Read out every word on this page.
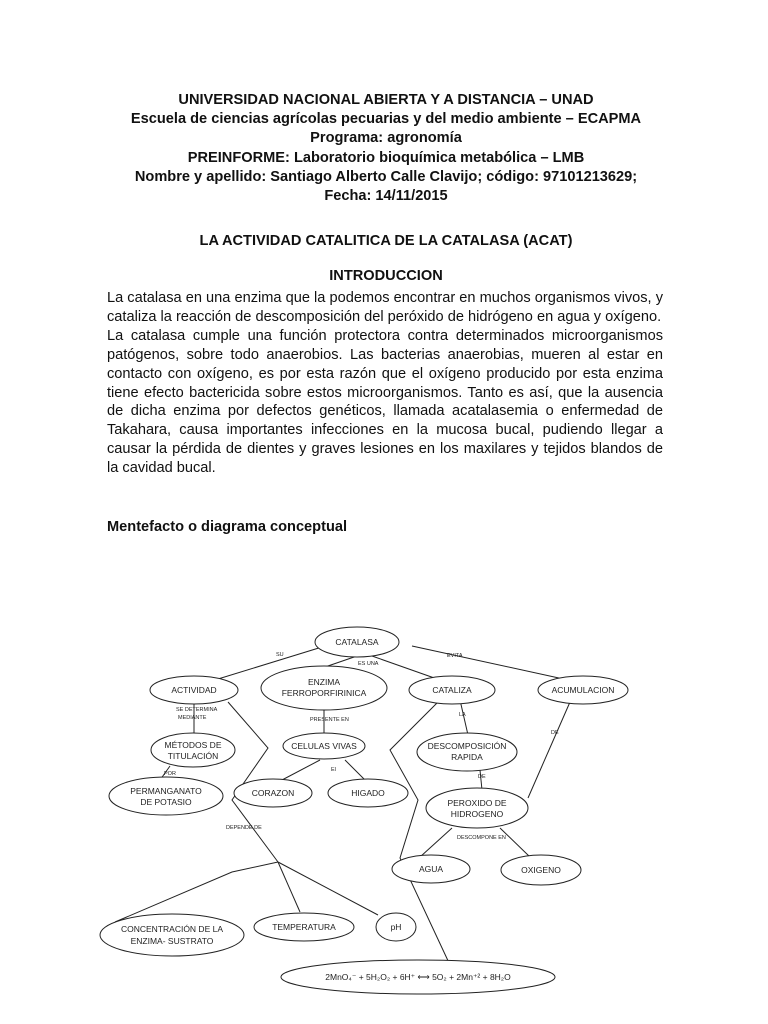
UNIVERSIDAD NACIONAL ABIERTA Y A DISTANCIA – UNAD
Escuela de ciencias agrícolas pecuarias y del medio ambiente – ECAPMA
Programa: agronomía
PREINFORME: Laboratorio bioquímica metabólica – LMB
Nombre y apellido: Santiago Alberto Calle Clavijo; código: 97101213629;
Fecha: 14/11/2015
LA ACTIVIDAD CATALITICA DE LA CATALASA (ACAT)
INTRODUCCION

La catalasa en una enzima que la podemos encontrar en muchos organismos vivos, y cataliza la reacción de descomposición del peróxido de hidrógeno en agua y oxígeno.

La catalasa cumple una función protectora contra determinados microorganismos patógenos, sobre todo anaerobios. Las bacterias anaerobias, mueren al estar en contacto con oxígeno, es por esta razón que el oxígeno producido por esta enzima tiene efecto bactericida sobre estos microorganismos. Tanto es así, que la ausencia de dicha enzima por defectos genéticos, llamada acatalasemia o enfermedad de Takahara, causa importantes infecciones en la mucosa bucal, pudiendo llegar a causar la pérdida de dientes y graves lesiones en los maxilares y tejidos blandos de la cavidad bucal.

Mentefacto o diagrama conceptual
CATALASA
ACTIVIDAD
ENZIMA
FERROPORFIRINICA	CATALIZA	ACUMULACION
MÉTODOS DE
TITULACIÓN
CELULAS VIVAS	DESCOMPOSICIÓN
RAPIDA
PERMANGANATO
DE POTASIO
CORAZON	HIGADO
PEROXIDO DE
HIDROGENO
AGUA	OXIGENO
CONCENTRACIÓN DE LA
ENZIMA- SUSTRATO
TEMPERATURA	pH
2MnO₄⁻ + 5H₂O₂ + 6H⁺ ⟷ 5O₂ + 2Mn⁺² + 8H₂O
SU
ES UNA
EVITA
SE DETERMINA
MEDIANTE	PRESENTE EN
LA
DE
POR
El
DE
DEPENDE DE
DESCOMPONE EN
